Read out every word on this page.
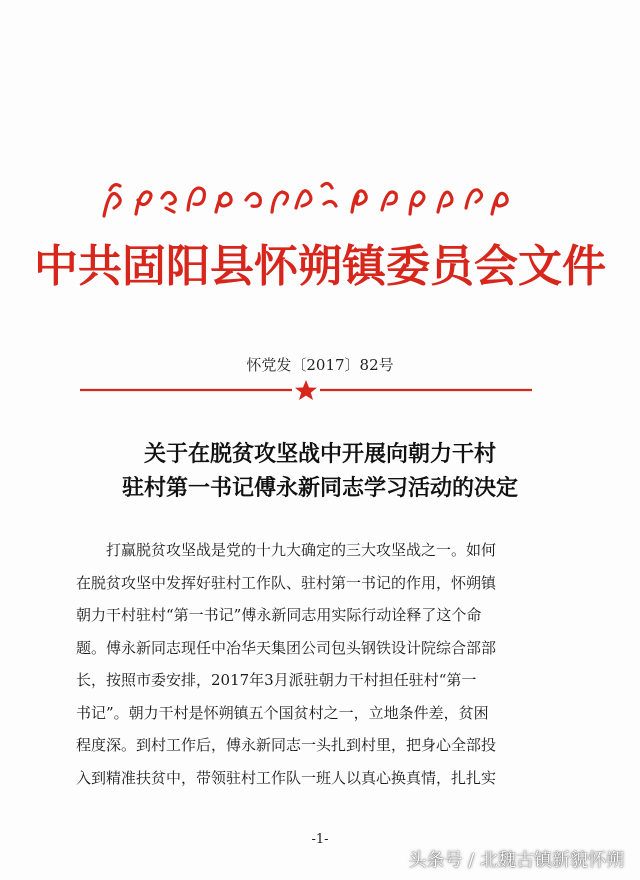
中共固阳县怀朔镇委员会文件
怀党发〔2017〕82号
关于在脱贫攻坚战中开展向朝力干村
驻村第一书记傅永新同志学习活动的决定
打赢脱贫攻坚战是党的十九大确定的三大攻坚战之一。如何
在脱贫攻坚中发挥好驻村工作队、驻村第一书记的作用，怀朔镇
朝力干村驻村“第一书记”傅永新同志用实际行动诠释了这个命
题。傅永新同志现任中冶华天集团公司包头钢铁设计院综合部部
长，按照市委安排，2017年3月派驻朝力干村担任驻村“第一
书记”。朝力干村是怀朔镇五个国贫村之一，立地条件差，贫困
程度深。到村工作后，傅永新同志一头扎到村里，把身心全部投
入到精准扶贫中，带领驻村工作队一班人以真心换真情，扎扎实
-1-
头条号 / 北魏古镇新貌怀朔
